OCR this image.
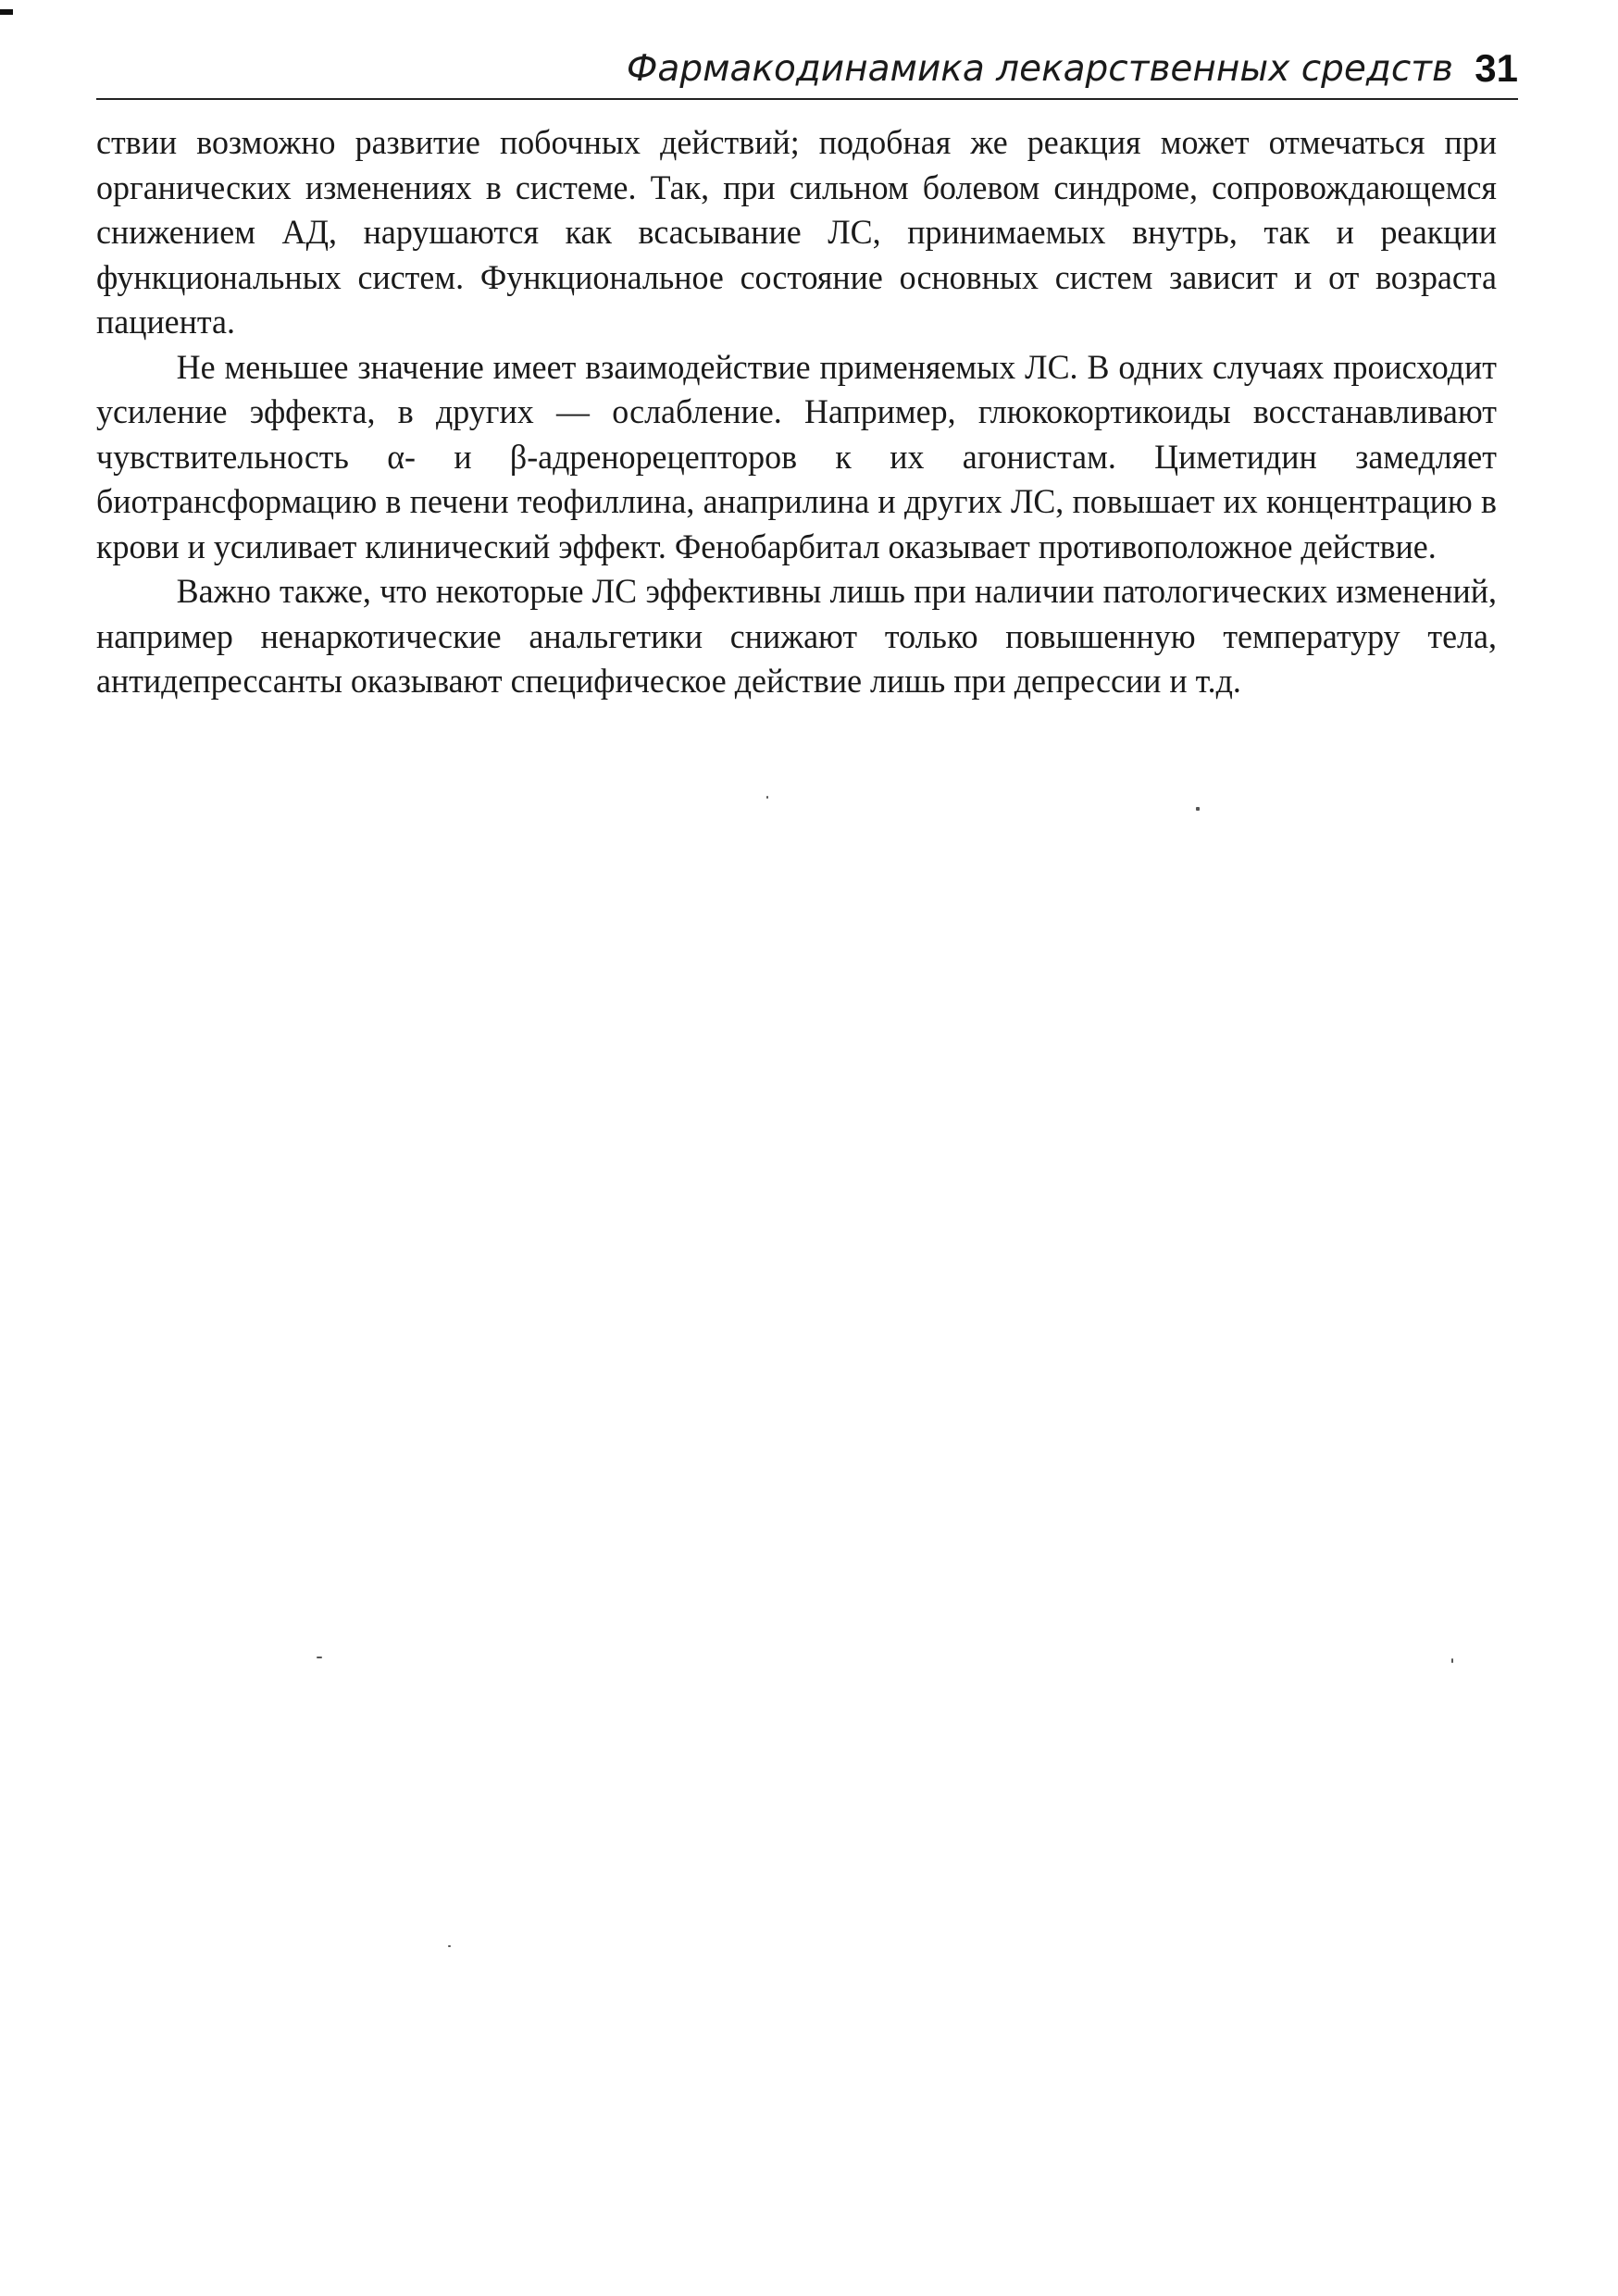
Фармакодинамика лекарственных средств 31

ствии возможно развитие побочных действий; подобная же реакция может отмечаться при органических изменениях в системе. Так, при сильном болевом синдроме, сопровождающемся снижением АД, нарушаются как всасывание ЛС, принимаемых внутрь, так и реакции функциональных систем. Функциональное состояние основных систем зависит и от возраста пациента.

Не меньшее значение имеет взаимодействие применяемых ЛС. В одних случаях происходит усиление эффекта, в других — ослабление. Например, глюкокортикоиды восстанавливают чувствительность α- и β-адренорецепторов к их агонистам. Циметидин замедляет биотрансформацию в печени теофиллина, анаприлина и других ЛС, повышает их концентрацию в крови и усиливает клинический эффект. Фенобарбитал оказывает противоположное действие.

Важно также, что некоторые ЛС эффективны лишь при наличии патологических изменений, например ненаркотические анальгетики снижают только повышенную температуру тела, антидепрессанты оказывают специфическое действие лишь при депрессии и т.д.
